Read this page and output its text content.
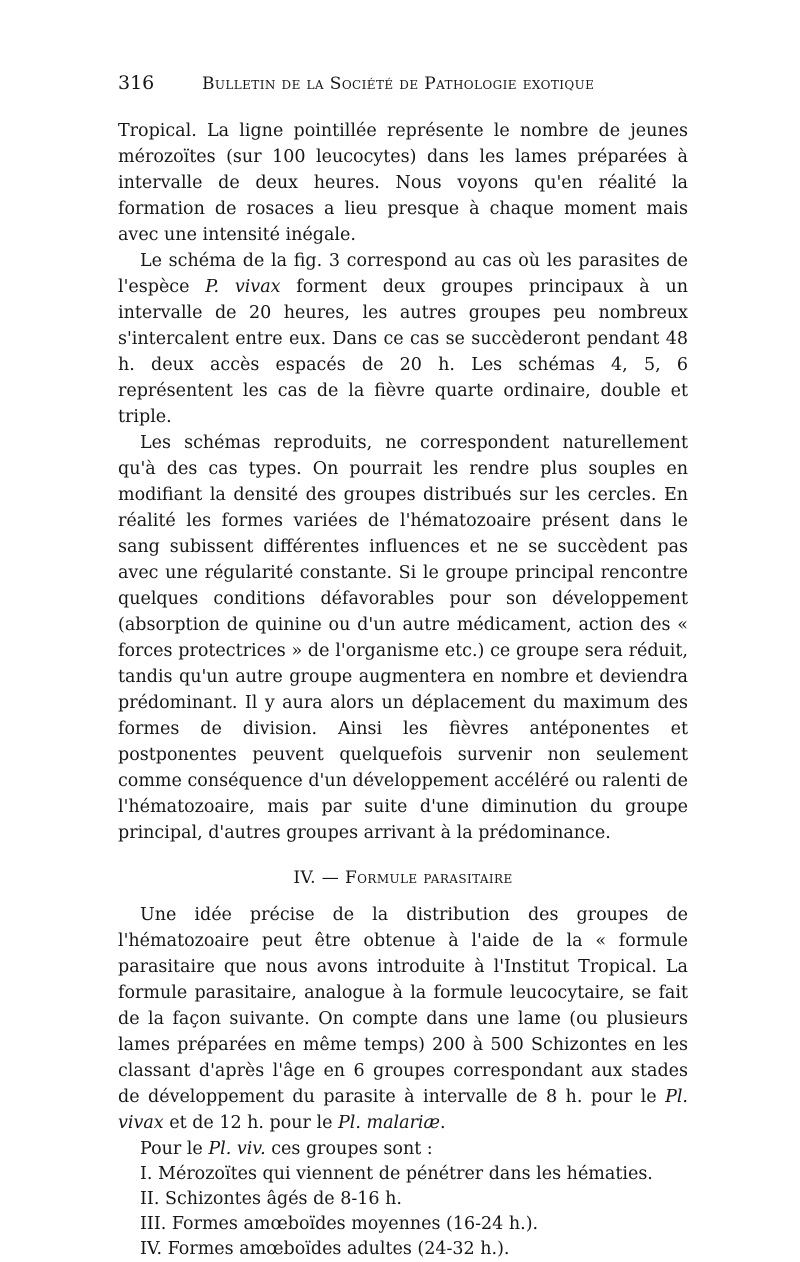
316	Bulletin de la Société de Pathologie exotique

Tropical. La ligne pointillée représente le nombre de jeunes mérozoïtes (sur 100 leucocytes) dans les lames préparées à intervalle de deux heures. Nous voyons qu'en réalité la formation de rosaces a lieu presque à chaque moment mais avec une intensité inégale.

Le schéma de la fig. 3 correspond au cas où les parasites de l'espèce P. vivax forment deux groupes principaux à un intervalle de 20 heures, les autres groupes peu nombreux s'intercalent entre eux. Dans ce cas se succèderont pendant 48 h. deux accès espacés de 20 h. Les schémas 4, 5, 6 représentent les cas de la fièvre quarte ordinaire, double et triple.

Les schémas reproduits, ne correspondent naturellement qu'à des cas types. On pourrait les rendre plus souples en modifiant la densité des groupes distribués sur les cercles. En réalité les formes variées de l'hématozoaire présent dans le sang subissent différentes influences et ne se succèdent pas avec une régularité constante. Si le groupe principal rencontre quelques conditions défavorables pour son développement (absorption de quinine ou d'un autre médicament, action des « forces protectrices » de l'organisme etc.) ce groupe sera réduit, tandis qu'un autre groupe augmentera en nombre et deviendra prédominant. Il y aura alors un déplacement du maximum des formes de division. Ainsi les fièvres antéponentes et postponentes peuvent quelquefois survenir non seulement comme conséquence d'un développement accéléré ou ralenti de l'hématozoaire, mais par suite d'une diminution du groupe principal, d'autres groupes arrivant à la prédominance.

IV. — Formule parasitaire

Une idée précise de la distribution des groupes de l'hématozoaire peut être obtenue à l'aide de la « formule parasitaire que nous avons introduite à l'Institut Tropical. La formule parasitaire, analogue à la formule leucocytaire, se fait de la façon suivante. On compte dans une lame (ou plusieurs lames préparées en même temps) 200 à 500 Schizontes en les classant d'après l'âge en 6 groupes correspondant aux stades de développement du parasite à intervalle de 8 h. pour le Pl. vivax et de 12 h. pour le Pl. malariæ.

Pour le Pl. viv. ces groupes sont :

I. Mérozoïtes qui viennent de pénétrer dans les hématies.

II. Schizontes âgés de 8-16 h.

III. Formes amœboïdes moyennes (16-24 h.).

IV. Formes amœboïdes adultes (24-32 h.).
